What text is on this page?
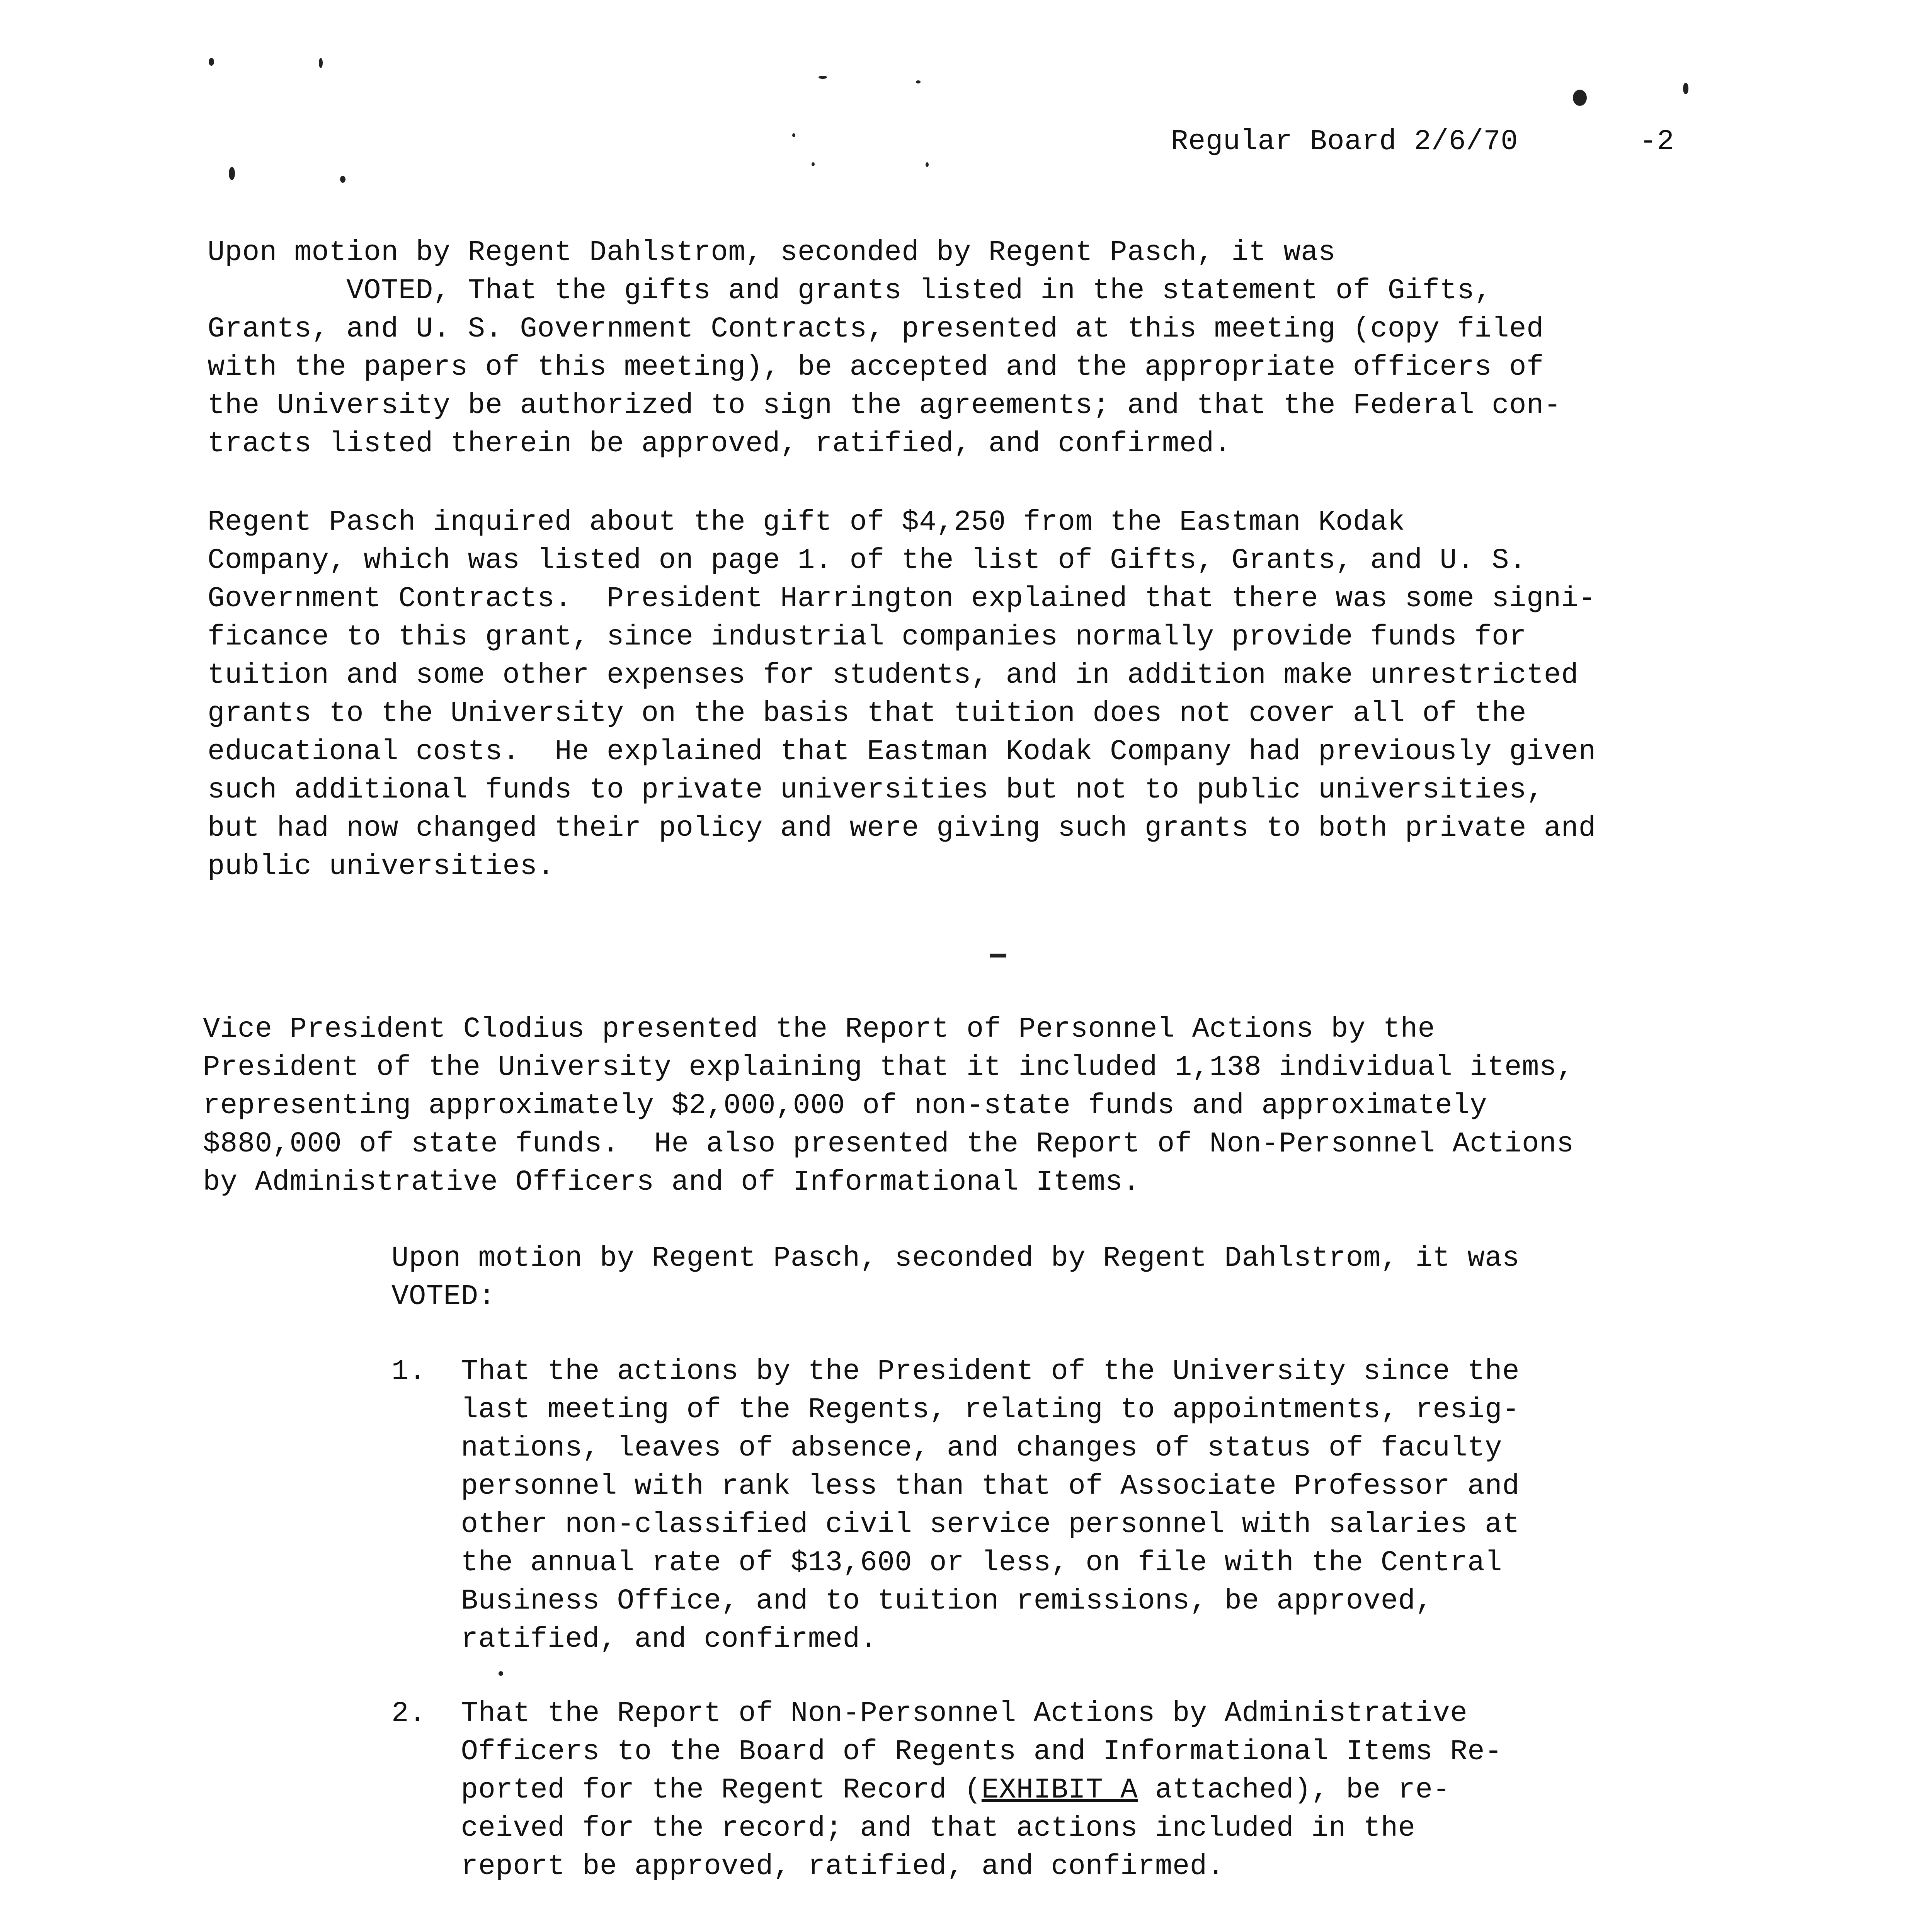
Regular Board 2/6/70	-2

Upon motion by Regent Dahlstrom, seconded by Regent Pasch, it was
VOTED, That the gifts and grants listed in the statement of Gifts,
Grants, and U. S. Government Contracts, presented at this meeting (copy filed
with the papers of this meeting), be accepted and the appropriate officers of
the University be authorized to sign the agreements; and that the Federal con-
tracts listed therein be approved, ratified, and confirmed.

Regent Pasch inquired about the gift of $4,250 from the Eastman Kodak
Company, which was listed on page 1. of the list of Gifts, Grants, and U. S.
Government Contracts.  President Harrington explained that there was some signi-
ficance to this grant, since industrial companies normally provide funds for
tuition and some other expenses for students, and in addition make unrestricted
grants to the University on the basis that tuition does not cover all of the
educational costs.  He explained that Eastman Kodak Company had previously given
such additional funds to private universities but not to public universities,
but had now changed their policy and were giving such grants to both private and
public universities.

Vice President Clodius presented the Report of Personnel Actions by the
President of the University explaining that it included 1,138 individual items,
representing approximately $2,000,000 of non-state funds and approximately
$880,000 of state funds.  He also presented the Report of Non-Personnel Actions
by Administrative Officers and of Informational Items.

Upon motion by Regent Pasch, seconded by Regent Dahlstrom, it was
VOTED:

1.  That the actions by the President of the University since the
last meeting of the Regents, relating to appointments, resig-
nations, leaves of absence, and changes of status of faculty
personnel with rank less than that of Associate Professor and
other non-classified civil service personnel with salaries at
the annual rate of $13,600 or less, on file with the Central
Business Office, and to tuition remissions, be approved,
ratified, and confirmed.

2.  That the Report of Non-Personnel Actions by Administrative
Officers to the Board of Regents and Informational Items Re-
ported for the Regent Record (EXHIBIT A attached), be re-
ceived for the record; and that actions included in the
report be approved, ratified, and confirmed.
